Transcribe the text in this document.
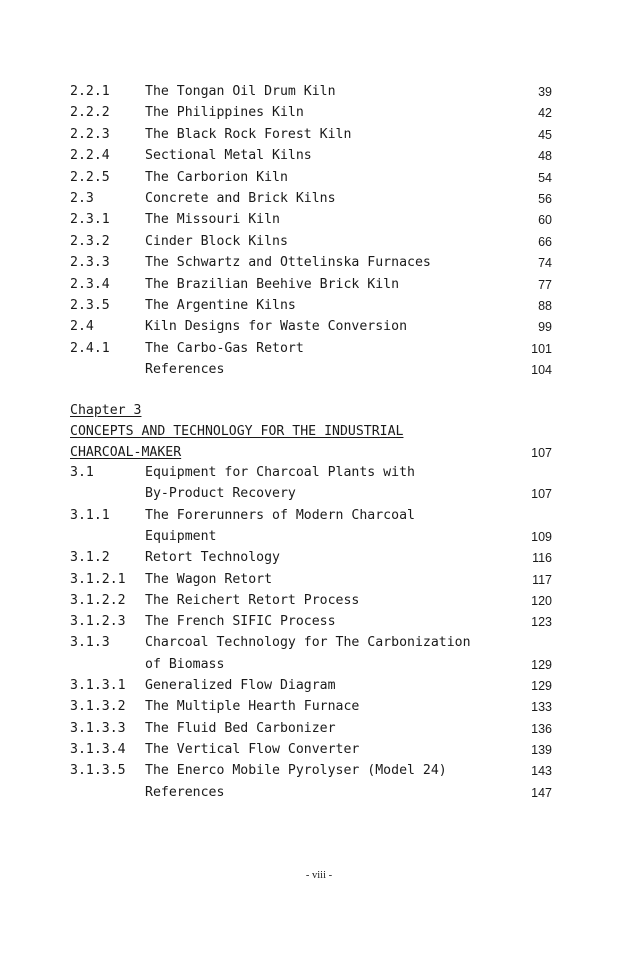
2.2.1	The Tongan Oil Drum Kiln	39
2.2.2	The Philippines Kiln	42
2.2.3	The Black Rock Forest Kiln	45
2.2.4	Sectional Metal Kilns	48
2.2.5	The Carborion Kiln	54
2.3	Concrete and Brick Kilns	56
2.3.1	The Missouri Kiln	60
2.3.2	Cinder Block Kilns	66
2.3.3	The Schwartz and Ottelinska Furnaces	74
2.3.4	The Brazilian Beehive Brick Kiln	77
2.3.5	The Argentine Kilns	88
2.4	Kiln Designs for Waste Conversion	99
2.4.1	The Carbo-Gas Retort	101
References	104
Chapter 3
CONCEPTS AND TECHNOLOGY FOR THE INDUSTRIAL
CHARCOAL-MAKER	107
3.1	Equipment for Charcoal Plants with
By-Product Recovery	107
3.1.1	The Forerunners of Modern Charcoal
Equipment	109
3.1.2	Retort Technology	116
3.1.2.1 The Wagon Retort	117
3.1.2.2 The Reichert Retort Process	120
3.1.2.3 The French SIFIC Process	123
3.1.3	Charcoal Technology for The Carbonization
of Biomass	129
3.1.3.1 Generalized Flow Diagram	129
3.1.3.2 The Multiple Hearth Furnace	133
3.1.3.3 The Fluid Bed Carbonizer	136
3.1.3.4 The Vertical Flow Converter	139
3.1.3.5 The Enerco Mobile Pyrolyser (Model 24)	143
References	147
- viii -
